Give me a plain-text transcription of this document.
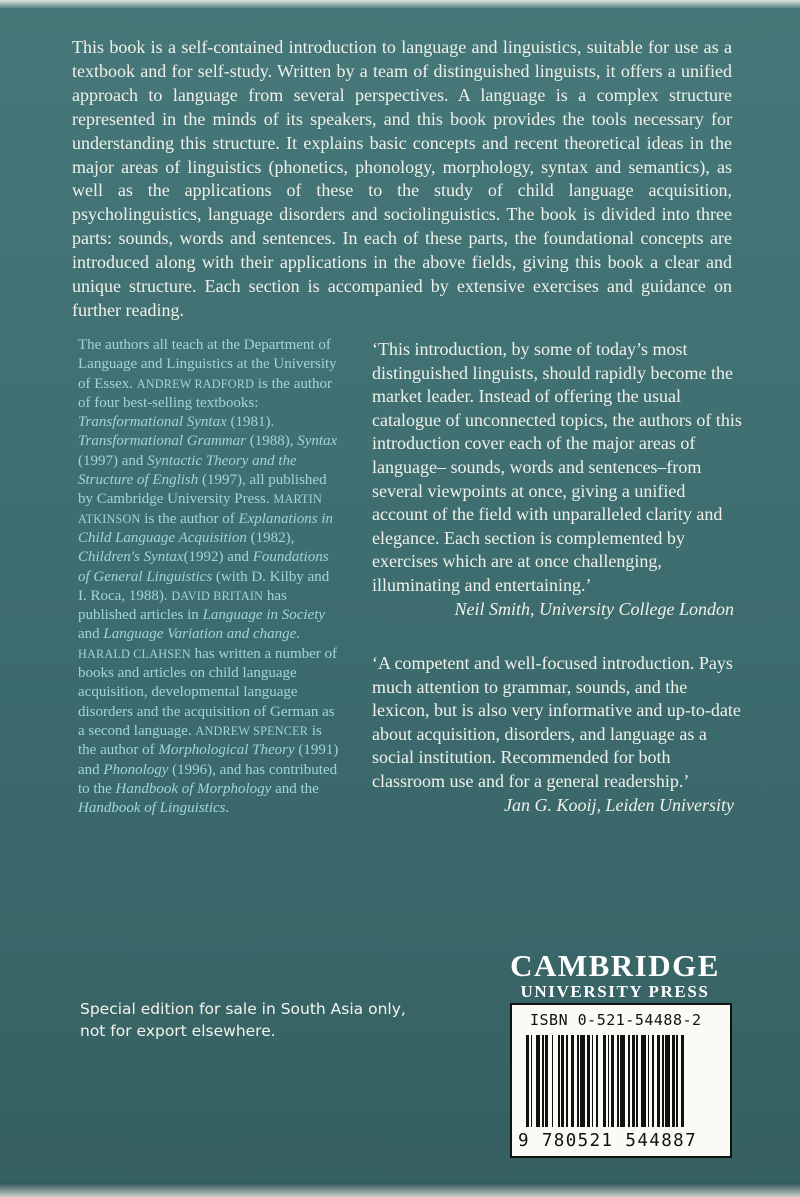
This book is a self-contained introduction to language and linguistics, suitable for use as a textbook and for self-study. Written by a team of distinguished linguists, it offers a unified approach to language from several perspectives. A language is a complex structure represented in the minds of its speakers, and this book provides the tools necessary for understanding this structure. It explains basic concepts and recent theoretical ideas in the major areas of linguistics (phonetics, phonology, morphology, syntax and semantics), as well as the applications of these to the study of child language acquisition, psycholinguistics, language disorders and sociolinguistics. The book is divided into three parts: sounds, words and sentences. In each of these parts, the foundational concepts are introduced along with their applications in the above fields, giving this book a clear and unique structure. Each section is accompanied by extensive exercises and guidance on further reading.

The authors all teach at the Department of Language and Linguistics at the University of Essex. ANDREW RADFORD is the author of four best-selling textbooks: Transformational Syntax (1981). Transformational Grammar (1988), Syntax (1997) and Syntactic Theory and the Structure of English (1997), all published by Cambridge University Press. MARTIN ATKINSON is the author of Explanations in Child Language Acquisition (1982), Children's Syntax(1992) and Foundations of General Linguistics (with D. Kilby and I. Roca, 1988). DAVID BRITAIN has published articles in Language in Society and Language Variation and change. HARALD CLAHSEN has written a number of books and articles on child language acquisition, developmental language disorders and the acquisition of German as a second language. ANDREW SPENCER is the author of Morphological Theory (1991) and Phonology (1996), and has contributed to the Handbook of Morphology and the Handbook of Linguistics.

‘This introduction, by some of today’s most distinguished linguists, should rapidly become the market leader. Instead of offering the usual catalogue of unconnected topics, the authors of this introduction cover each of the major areas of language– sounds, words and sentences–from several viewpoints at once, giving a unified account of the field with unparalleled clarity and elegance. Each section is complemented by exercises which are at once challenging, illuminating and entertaining.’
Neil Smith, University College London

‘A competent and well-focused introduction. Pays much attention to grammar, sounds, and the lexicon, but is also very informative and up-to-date about acquisition, disorders, and language as a social institution. Recommended for both classroom use and for a general readership.’
Jan G. Kooij, Leiden University

CAMBRIDGE
UNIVERSITY PRESS

Special edition for sale in South Asia only, not for export elsewhere.

ISBN 0-521-54488-2
9 780521 544887
